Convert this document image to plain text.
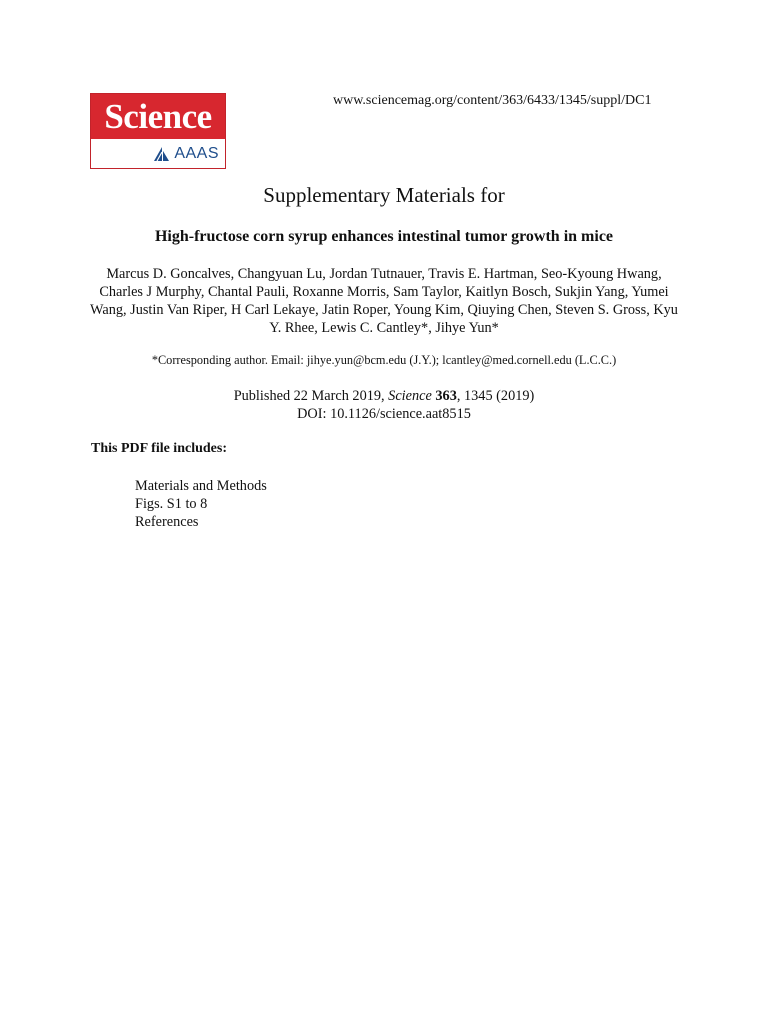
Science
AAAS
www.sciencemag.org/content/363/6433/1345/suppl/DC1
Supplementary Materials for
High-fructose corn syrup enhances intestinal tumor growth in mice
Marcus D. Goncalves, Changyuan Lu, Jordan Tutnauer, Travis E. Hartman, Seo-Kyoung Hwang, Charles J Murphy, Chantal Pauli, Roxanne Morris, Sam Taylor, Kaitlyn Bosch, Sukjin Yang, Yumei Wang, Justin Van Riper, H Carl Lekaye, Jatin Roper, Young Kim, Qiuying Chen, Steven S. Gross, Kyu Y. Rhee, Lewis C. Cantley*, Jihye Yun*
*Corresponding author. Email: jihye.yun@bcm.edu (J.Y.); lcantley@med.cornell.edu (L.C.C.)
Published 22 March 2019, Science 363, 1345 (2019)
DOI: 10.1126/science.aat8515
This PDF file includes:
Materials and Methods
Figs. S1 to 8
References
